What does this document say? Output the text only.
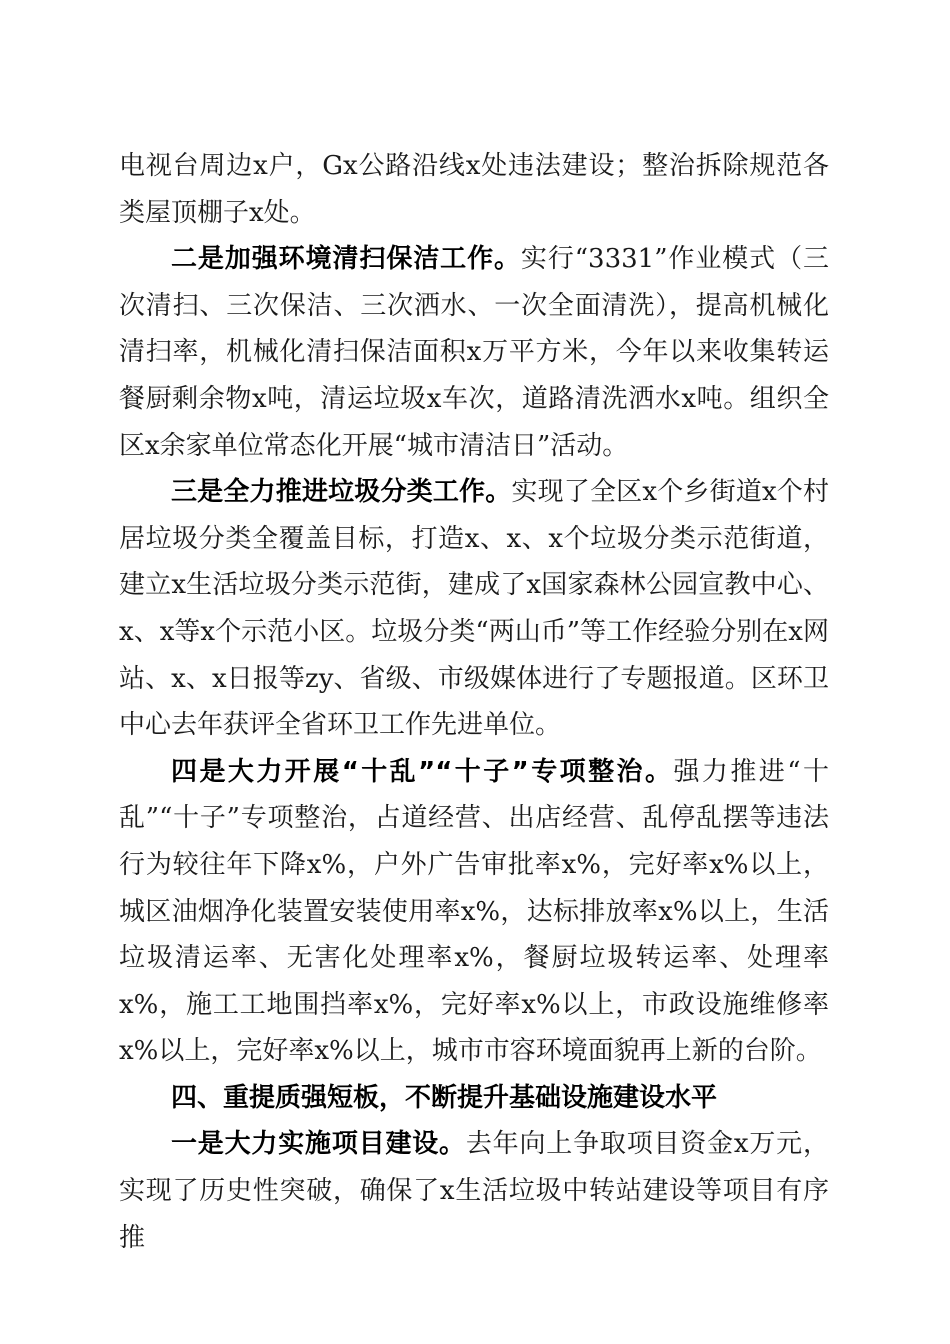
电视台周边x户，Gx公路沿线x处违法建设；整治拆除规范各类屋顶棚子x处。

二是加强环境清扫保洁工作。实行“3331”作业模式（三次清扫、三次保洁、三次洒水、一次全面清洗），提高机械化清扫率，机械化清扫保洁面积x万平方米，今年以来收集转运餐厨剩余物x吨，清运垃圾x车次，道路清洗洒水x吨。组织全区x余家单位常态化开展“城市清洁日”活动。

三是全力推进垃圾分类工作。实现了全区x个乡街道x个村居垃圾分类全覆盖目标，打造x、x、x个垃圾分类示范街道，建立x生活垃圾分类示范街，建成了x国家森林公园宣教中心、x、x等x个示范小区。垃圾分类“两山币”等工作经验分别在x网站、x、x日报等zy、省级、市级媒体进行了专题报道。区环卫中心去年获评全省环卫工作先进单位。

四是大力开展“十乱”“十子”专项整治。强力推进“十乱”“十子”专项整治，占道经营、出店经营、乱停乱摆等违法行为较往年下降x%，户外广告审批率x%，完好率x%以上，城区油烟净化装置安装使用率x%，达标排放率x%以上，生活垃圾清运率、无害化处理率x%，餐厨垃圾转运率、处理率x%，施工工地围挡率x%，完好率x%以上，市政设施维修率x%以上，完好率x%以上，城市市容环境面貌再上新的台阶。

四、重提质强短板，不断提升基础设施建设水平

一是大力实施项目建设。去年向上争取项目资金x万元，实现了历史性突破，确保了x生活垃圾中转站建设等项目有序推
